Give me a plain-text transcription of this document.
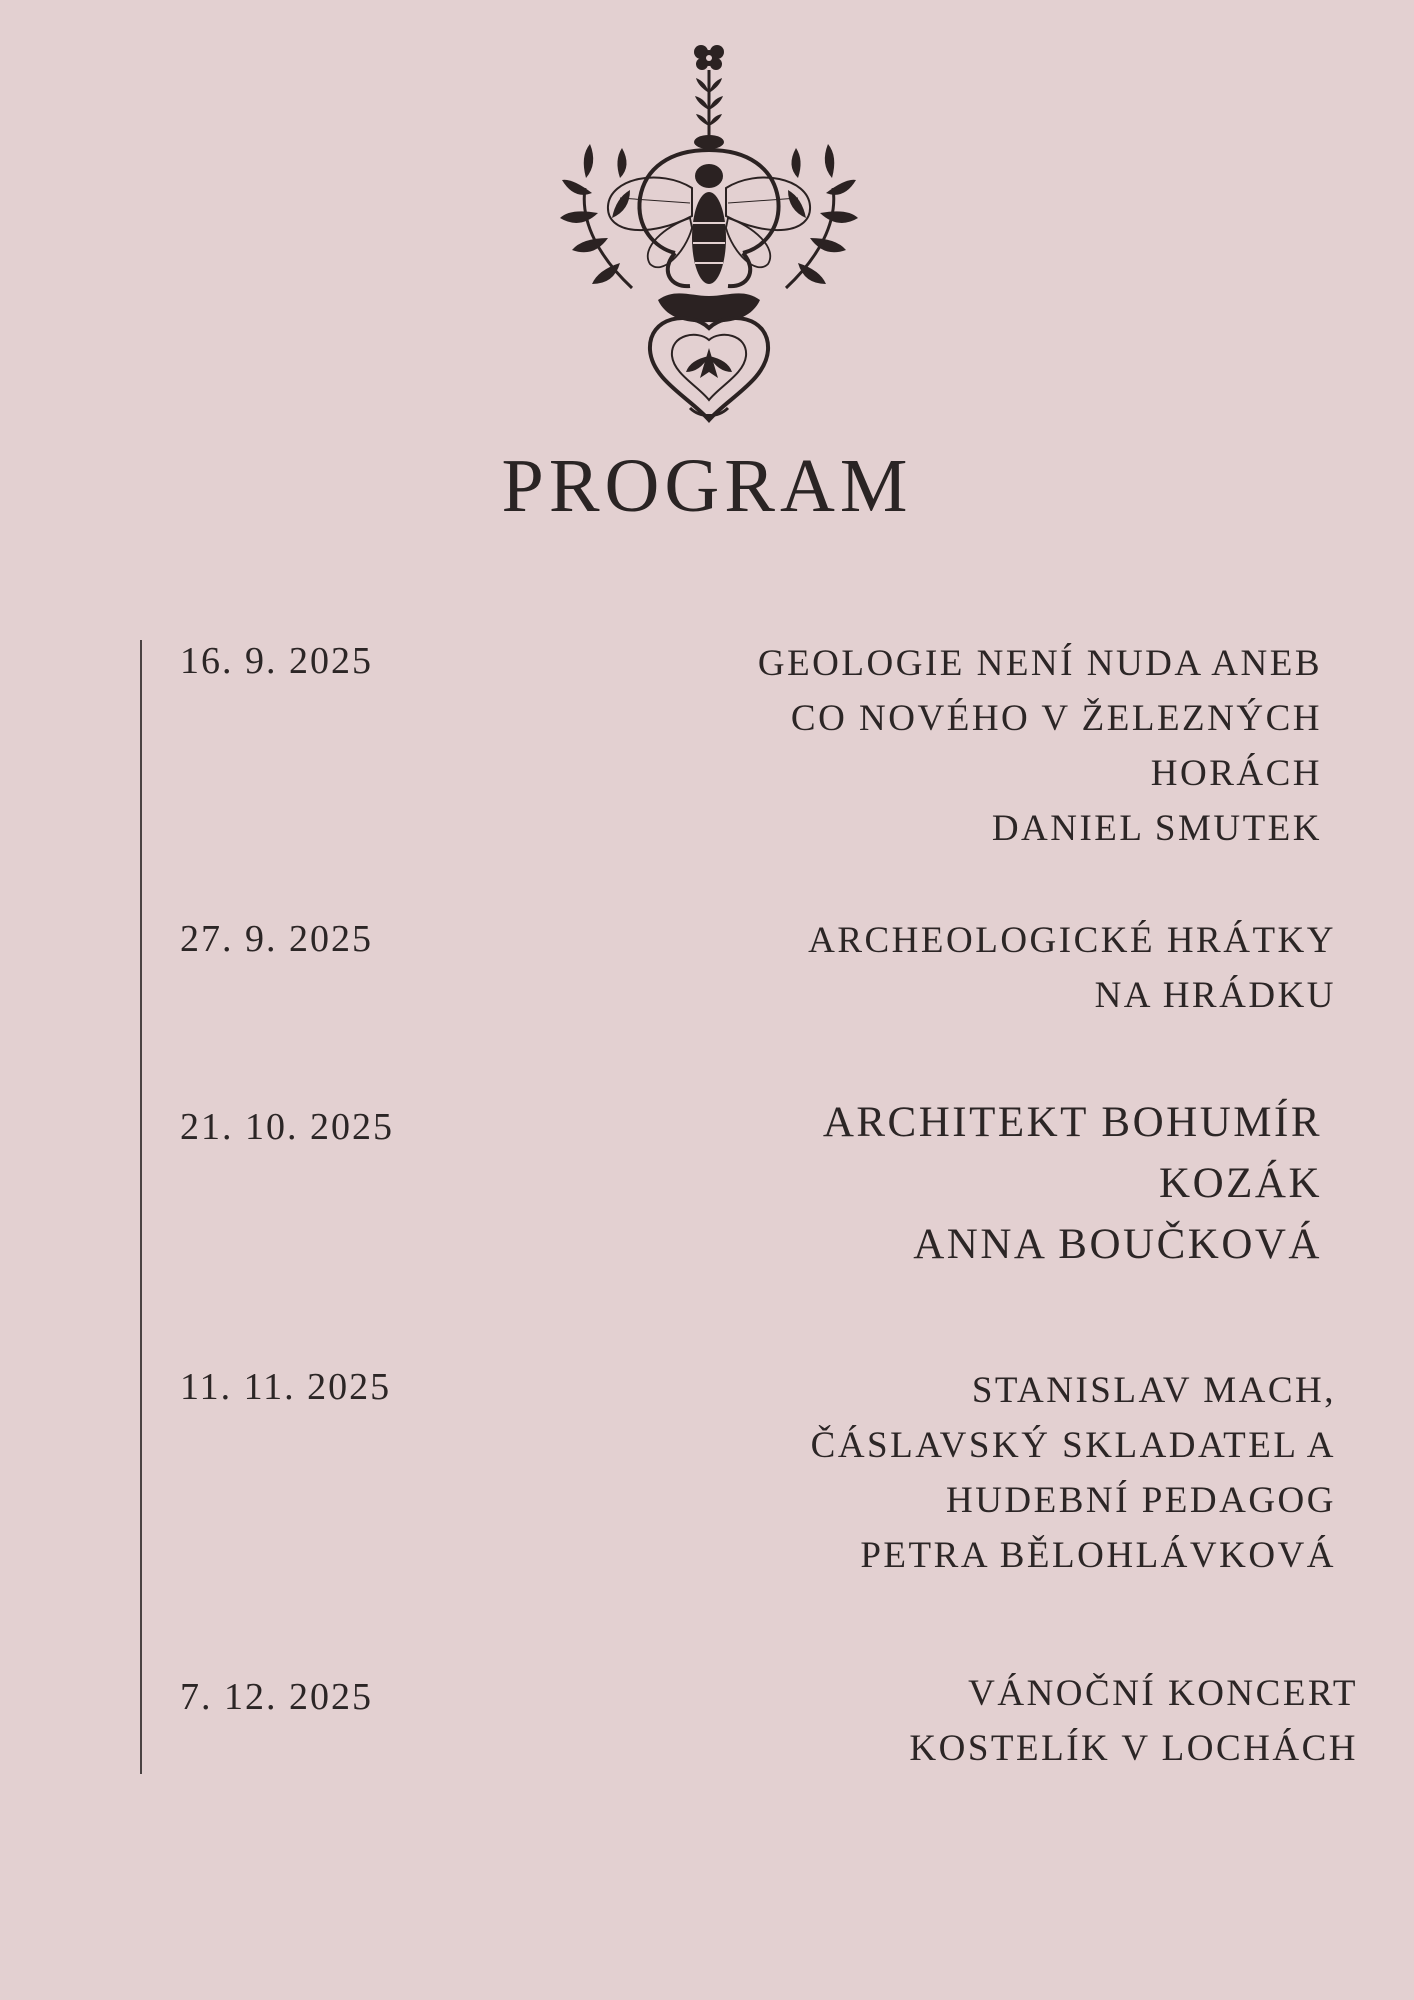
PROGRAM
16. 9. 2025	GEOLOGIE NENÍ NUDA ANEB
CO NOVÉHO V ŽELEZNÝCH
HORÁCH
DANIEL SMUTEK
27. 9. 2025	ARCHEOLOGICKÉ HRÁTKY
NA HRÁDKU
21. 10. 2025	ARCHITEKT BOHUMÍR
KOZÁK
ANNA BOUČKOVÁ
11. 11. 2025	STANISLAV MACH,
ČÁSLAVSKÝ SKLADATEL A
HUDEBNÍ PEDAGOG
PETRA BĚLOHLÁVKOVÁ
7. 12. 2025	VÁNOČNÍ KONCERT
KOSTELÍK V LOCHÁCH
